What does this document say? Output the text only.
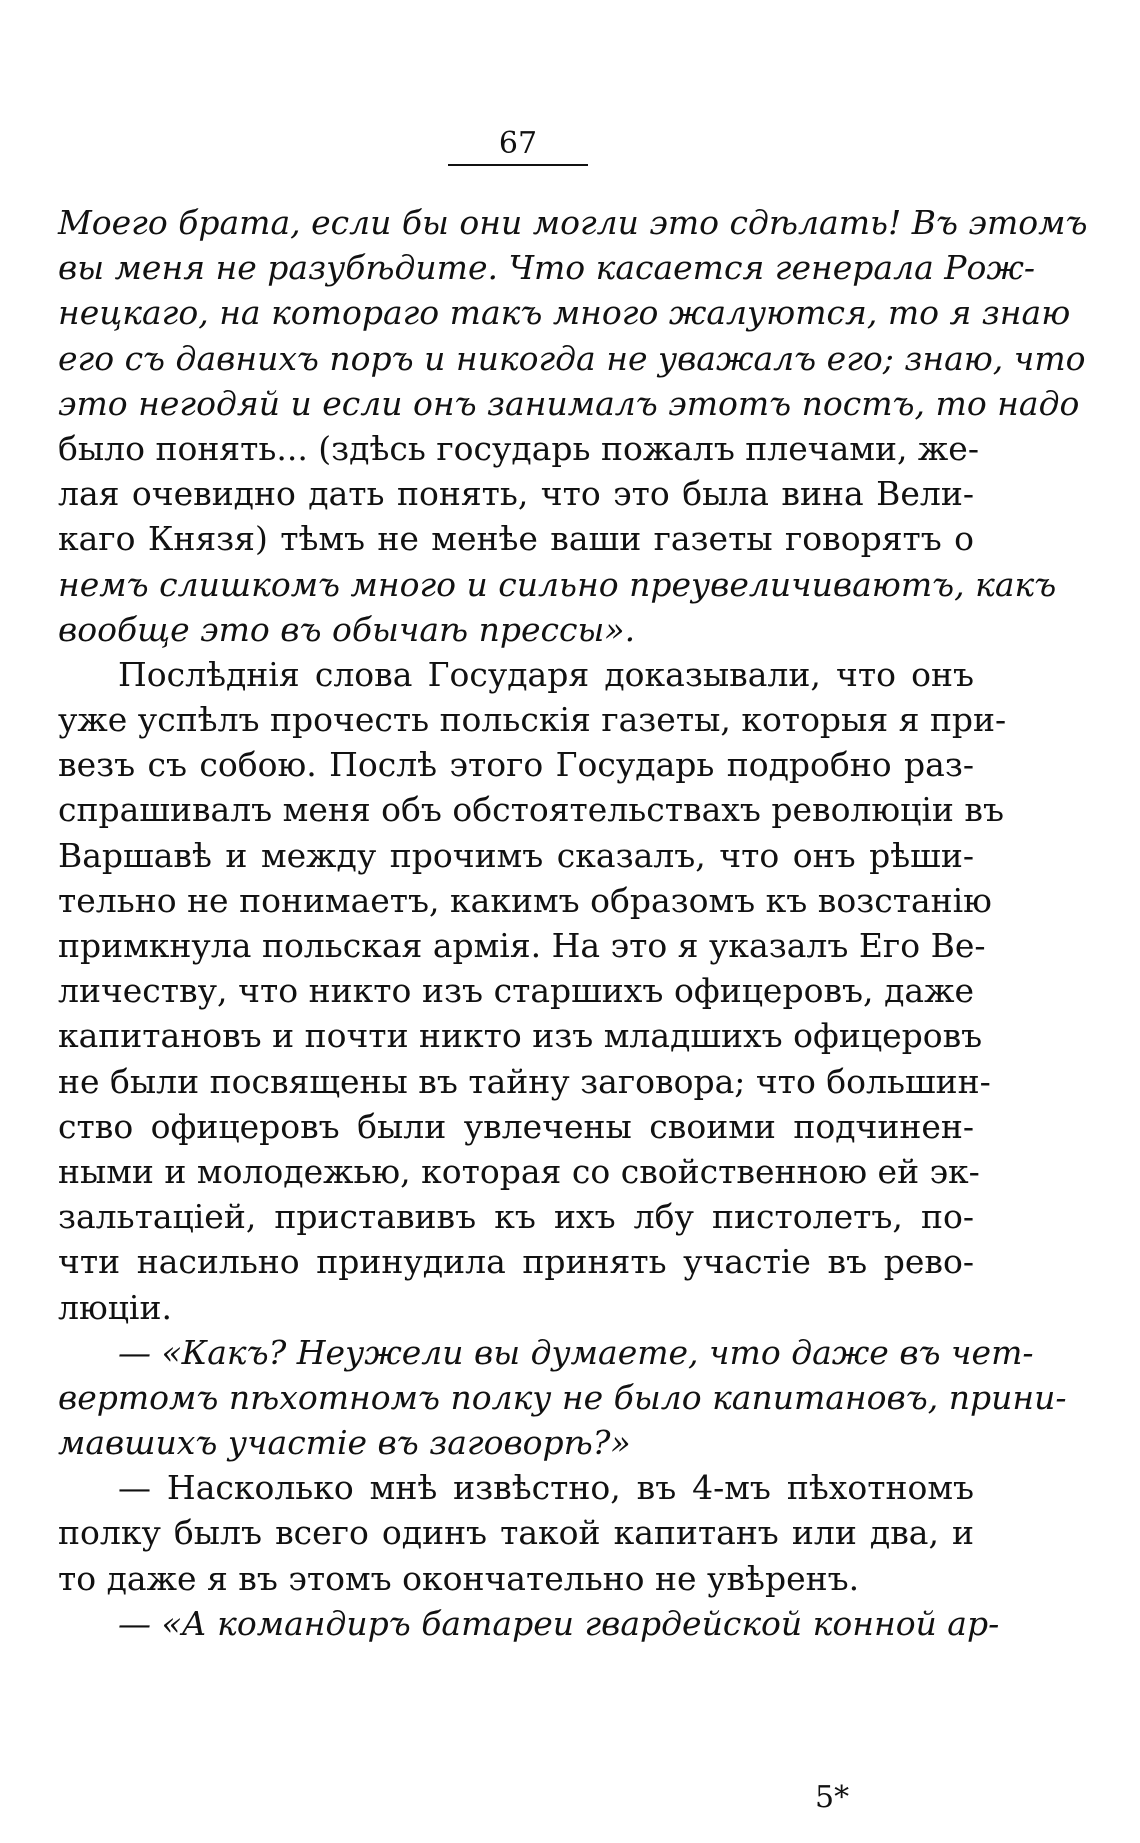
67
Моего брата, если бы они могли это сдѣлать! Въ этомъ
вы меня не разубѣдите. Что касается генерала Рож-
нецкаго, на котораго такъ много жалуются, то я знаю
его съ давнихъ поръ и никогда не уважалъ его; знаю, что
это негодяй и если онъ занималъ этотъ постъ, то надо
было понять... (здѣсь государь пожалъ плечами, же-
лая очевидно дать понять, что это была вина Вели-
каго Князя) тѣмъ не менѣе ваши газеты говорятъ о
немъ слишкомъ много и сильно преувеличиваютъ, какъ
вообще это въ обычаѣ прессы».
Послѣднія слова Государя доказывали, что онъ
уже успѣлъ прочесть польскія газеты, которыя я при-
везъ съ собою. Послѣ этого Государь подробно раз-
спрашивалъ меня объ обстоятельствахъ революціи въ
Варшавѣ и между прочимъ сказалъ, что онъ рѣши-
тельно не понимаетъ, какимъ образомъ къ возстанію
примкнула польская армія. На это я указалъ Его Ве-
личеству, что никто изъ старшихъ офицеровъ, даже
капитановъ и почти никто изъ младшихъ офицеровъ
не были посвящены въ тайну заговора; что большин-
ство офицеровъ были увлечены своими подчинен-
ными и молодежью, которая со свойственною ей эк-
зальтаціей, приставивъ къ ихъ лбу пистолетъ, по-
чти насильно принудила принять участіе въ рево-
люціи.
— «Какъ? Неужели вы думаете, что даже въ чет-
вертомъ пѣхотномъ полку не было капитановъ, прини-
мавшихъ участіе въ заговорѣ?»
— Насколько мнѣ извѣстно, въ 4-мъ пѣхотномъ
полку былъ всего одинъ такой капитанъ или два, и
то даже я въ этомъ окончательно не увѣренъ.
— «А командиръ батареи гвардейской конной ар-
5*
